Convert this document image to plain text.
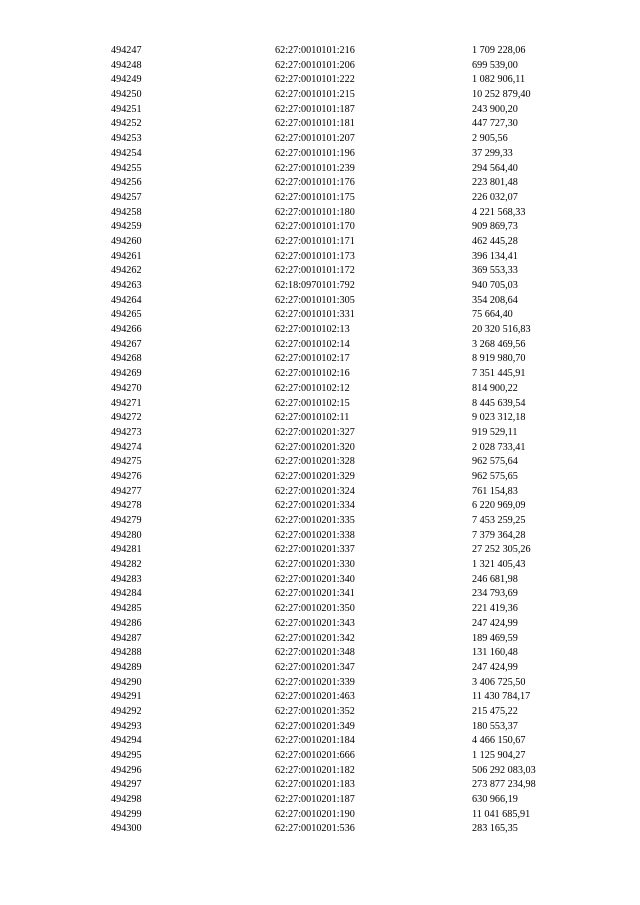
494247	62:27:0010101:216	1 709 228,06
494248	62:27:0010101:206	699 539,00
494249	62:27:0010101:222	1 082 906,11
494250	62:27:0010101:215	10 252 879,40
494251	62:27:0010101:187	243 900,20
494252	62:27:0010101:181	447 727,30
494253	62:27:0010101:207	2 905,56
494254	62:27:0010101:196	37 299,33
494255	62:27:0010101:239	294 564,40
494256	62:27:0010101:176	223 801,48
494257	62:27:0010101:175	226 032,07
494258	62:27:0010101:180	4 221 568,33
494259	62:27:0010101:170	909 869,73
494260	62:27:0010101:171	462 445,28
494261	62:27:0010101:173	396 134,41
494262	62:27:0010101:172	369 553,33
494263	62:18:0970101:792	940 705,03
494264	62:27:0010101:305	354 208,64
494265	62:27:0010101:331	75 664,40
494266	62:27:0010102:13	20 320 516,83
494267	62:27:0010102:14	3 268 469,56
494268	62:27:0010102:17	8 919 980,70
494269	62:27:0010102:16	7 351 445,91
494270	62:27:0010102:12	814 900,22
494271	62:27:0010102:15	8 445 639,54
494272	62:27:0010102:11	9 023 312,18
494273	62:27:0010201:327	919 529,11
494274	62:27:0010201:320	2 028 733,41
494275	62:27:0010201:328	962 575,64
494276	62:27:0010201:329	962 575,65
494277	62:27:0010201:324	761 154,83
494278	62:27:0010201:334	6 220 969,09
494279	62:27:0010201:335	7 453 259,25
494280	62:27:0010201:338	7 379 364,28
494281	62:27:0010201:337	27 252 305,26
494282	62:27:0010201:330	1 321 405,43
494283	62:27:0010201:340	246 681,98
494284	62:27:0010201:341	234 793,69
494285	62:27:0010201:350	221 419,36
494286	62:27:0010201:343	247 424,99
494287	62:27:0010201:342	189 469,59
494288	62:27:0010201:348	131 160,48
494289	62:27:0010201:347	247 424,99
494290	62:27:0010201:339	3 406 725,50
494291	62:27:0010201:463	11 430 784,17
494292	62:27:0010201:352	215 475,22
494293	62:27:0010201:349	180 553,37
494294	62:27:0010201:184	4 466 150,67
494295	62:27:0010201:666	1 125 904,27
494296	62:27:0010201:182	506 292 083,03
494297	62:27:0010201:183	273 877 234,98
494298	62:27:0010201:187	630 966,19
494299	62:27:0010201:190	11 041 685,91
494300	62:27:0010201:536	283 165,35
